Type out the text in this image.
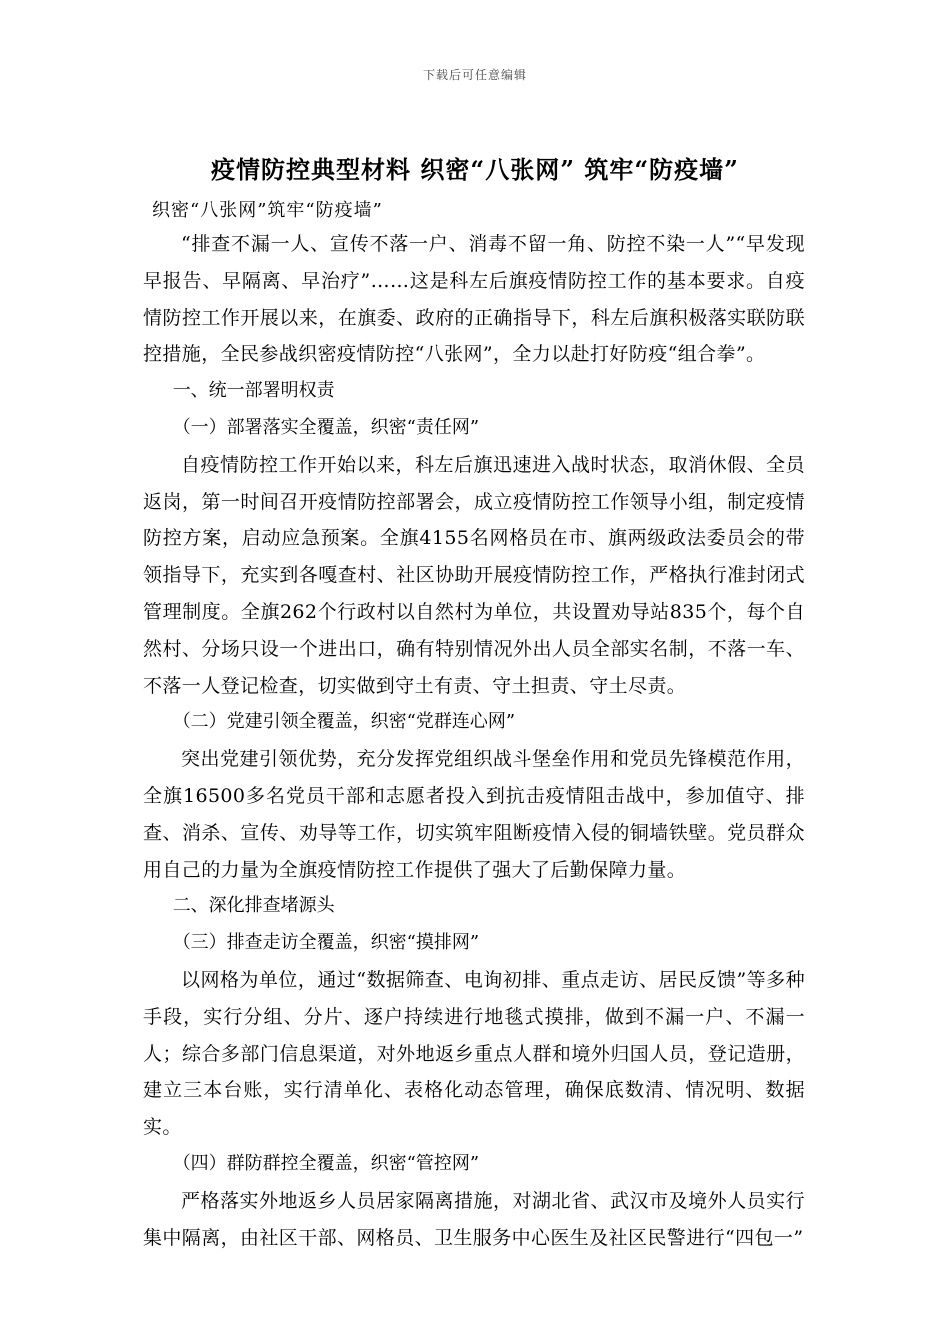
下载后可任意编辑
疫情防控典型材料 织密“八张网” 筑牢“防疫墙”
织密“八张网”筑牢“防疫墙”

“排查不漏一人、宣传不落一户、消毒不留一角、防控不染一人”“早发现早报告、早隔离、早治疗”……这是科左后旗疫情防控工作的基本要求。自疫情防控工作开展以来，在旗委、政府的正确指导下，科左后旗积极落实联防联控措施，全民参战织密疫情防控“八张网”，全力以赴打好防疫“组合拳”。

一、统一部署明权责

（一）部署落实全覆盖，织密“责任网”

自疫情防控工作开始以来，科左后旗迅速进入战时状态，取消休假、全员返岗，第一时间召开疫情防控部署会，成立疫情防控工作领导小组，制定疫情防控方案，启动应急预案。全旗4155名网格员在市、旗两级政法委员会的带领指导下，充实到各嘎查村、社区协助开展疫情防控工作，严格执行准封闭式管理制度。全旗262个行政村以自然村为单位，共设置劝导站835个，每个自然村、分场只设一个进出口，确有特别情况外出人员全部实名制，不落一车、不落一人登记检查，切实做到守土有责、守土担责、守土尽责。

（二）党建引领全覆盖，织密“党群连心网”

突出党建引领优势，充分发挥党组织战斗堡垒作用和党员先锋模范作用，全旗16500多名党员干部和志愿者投入到抗击疫情阻击战中，参加值守、排查、消杀、宣传、劝导等工作，切实筑牢阻断疫情入侵的铜墙铁壁。党员群众用自己的力量为全旗疫情防控工作提供了强大了后勤保障力量。

二、深化排查堵源头

（三）排查走访全覆盖，织密“摸排网”

以网格为单位，通过“数据筛查、电询初排、重点走访、居民反馈”等多种手段，实行分组、分片、逐户持续进行地毯式摸排，做到不漏一户、不漏一人；综合多部门信息渠道，对外地返乡重点人群和境外归国人员，登记造册，建立三本台账，实行清单化、表格化动态管理，确保底数清、情况明、数据实。

（四）群防群控全覆盖，织密“管控网”

严格落实外地返乡人员居家隔离措施，对湖北省、武汉市及境外人员实行集中隔离，由社区干部、网格员、卫生服务中心医生及社区民警进行“四包一”
